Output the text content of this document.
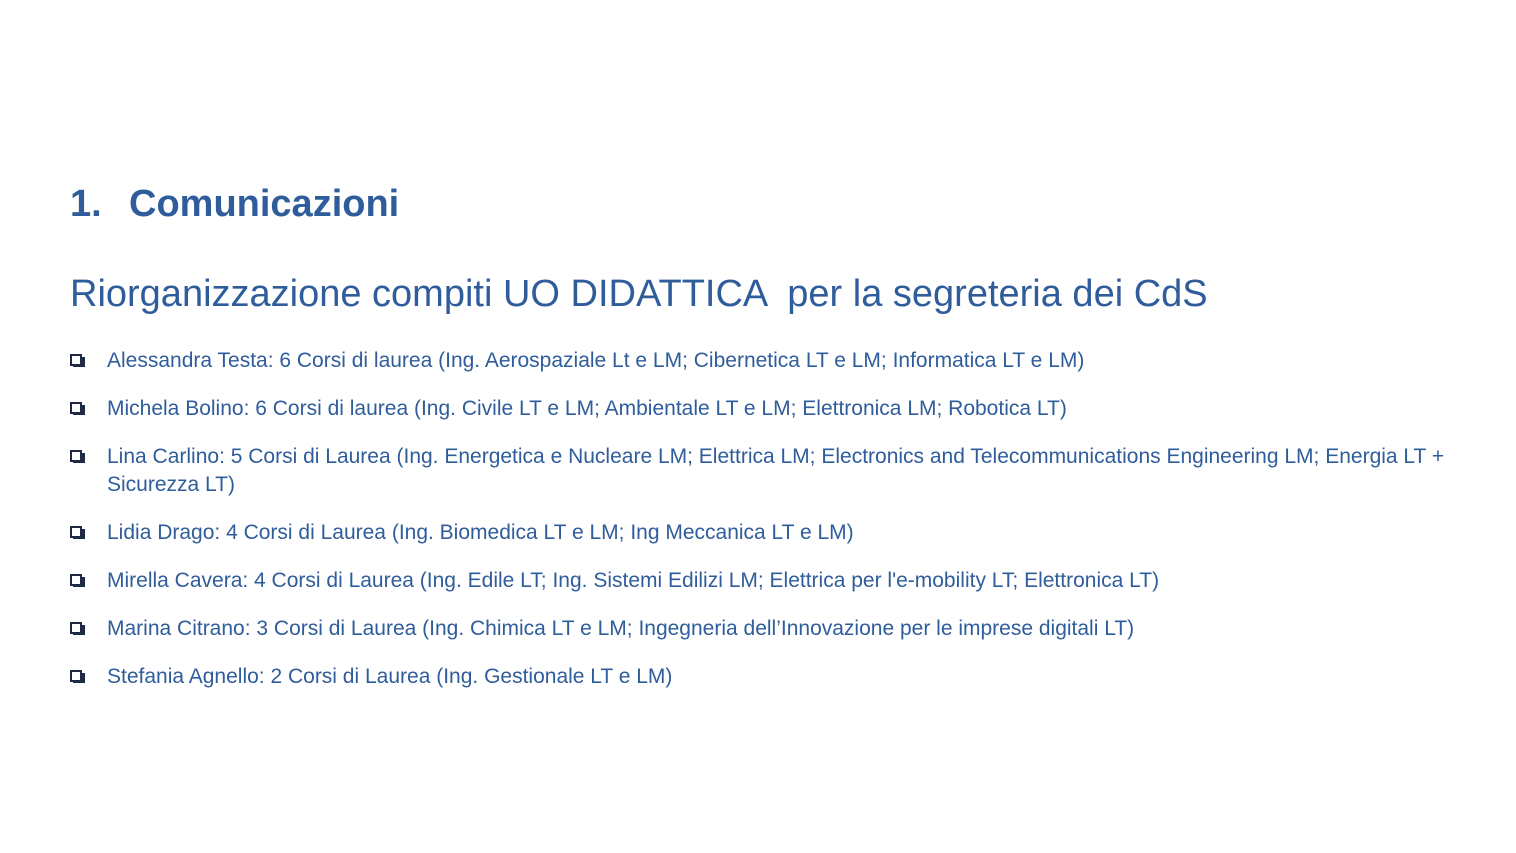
1. Comunicazioni
Riorganizzazione compiti UO DIDATTICA  per la segreteria dei CdS
Alessandra Testa: 6 Corsi di laurea (Ing. Aerospaziale Lt e LM; Cibernetica LT e LM; Informatica LT e LM)
Michela Bolino: 6 Corsi di laurea (Ing. Civile LT e LM; Ambientale LT e LM; Elettronica LM; Robotica LT)
Lina Carlino: 5 Corsi di Laurea (Ing. Energetica e Nucleare LM; Elettrica LM; Electronics and Telecommunications Engineering LM; Energia LT + Sicurezza LT)
Lidia Drago: 4 Corsi di Laurea (Ing. Biomedica LT e LM; Ing Meccanica LT e LM)
Mirella Cavera: 4 Corsi di Laurea (Ing. Edile LT; Ing. Sistemi Edilizi LM; Elettrica per l'e-mobility LT; Elettronica LT)
Marina Citrano: 3 Corsi di Laurea (Ing. Chimica LT e LM; Ingegneria dell’Innovazione per le imprese digitali LT)
Stefania Agnello: 2 Corsi di Laurea (Ing. Gestionale LT e LM)
